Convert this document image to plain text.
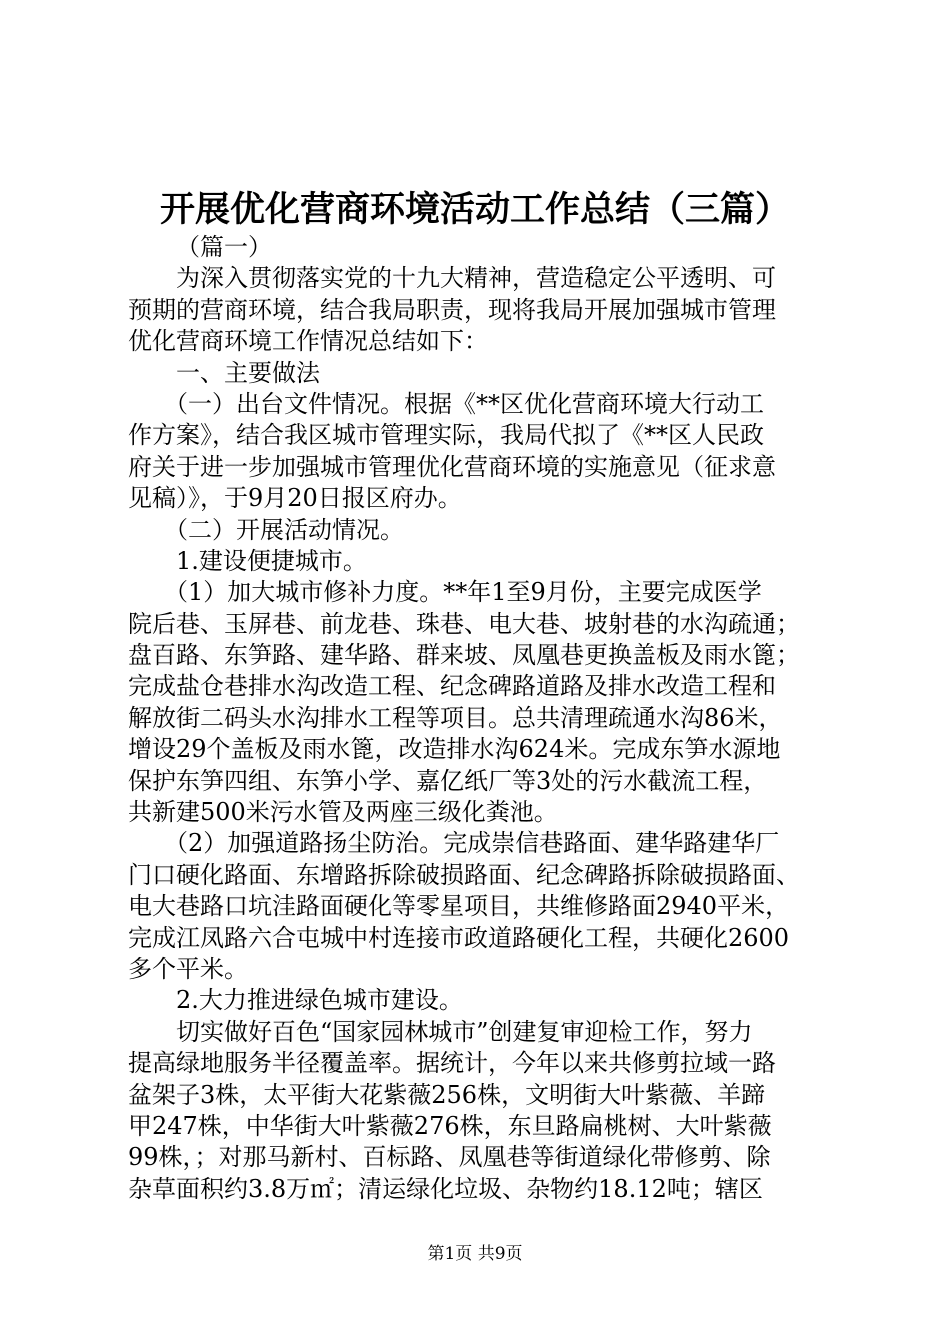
开展优化营商环境活动工作总结（三篇）
（篇一）
为深入贯彻落实党的十九大精神，营造稳定公平透明、可
预期的营商环境，结合我局职责，现将我局开展加强城市管理
优化营商环境工作情况总结如下：
一、主要做法
（一）出台文件情况。根据《**区优化营商环境大行动工
作方案》，结合我区城市管理实际，我局代拟了《**区人民政
府关于进一步加强城市管理优化营商环境的实施意见（征求意
见稿）》，于9月20日报区府办。
（二）开展活动情况。
1.建设便捷城市。
（1）加大城市修补力度。**年1至9月份，主要完成医学
院后巷、玉屏巷、前龙巷、珠巷、电大巷、坡射巷的水沟疏通；
盘百路、东笋路、建华路、群来坡、凤凰巷更换盖板及雨水篦；
完成盐仓巷排水沟改造工程、纪念碑路道路及排水改造工程和
解放街二码头水沟排水工程等项目。总共清理疏通水沟86米，
增设29个盖板及雨水篦，改造排水沟624米。完成东笋水源地
保护东笋四组、东笋小学、嘉亿纸厂等3处的污水截流工程，
共新建500米污水管及两座三级化粪池。
（2）加强道路扬尘防治。完成崇信巷路面、建华路建华厂
门口硬化路面、东增路拆除破损路面、纪念碑路拆除破损路面、
电大巷路口坑洼路面硬化等零星项目，共维修路面2940平米，
完成江凤路六合屯城中村连接市政道路硬化工程，共硬化2600
多个平米。
2.大力推进绿色城市建设。
切实做好百色“国家园林城市”创建复审迎检工作，努力
提高绿地服务半径覆盖率。据统计，今年以来共修剪拉域一路
盆架子3株，太平街大花紫薇256株，文明街大叶紫薇、羊蹄
甲247株，中华街大叶紫薇276株，东旦路扁桃树、大叶紫薇
99株，；对那马新村、百标路、凤凰巷等街道绿化带修剪、除
杂草面积约3.8万㎡；清运绿化垃圾、杂物约18.12吨；辖区
第1页 共9页
